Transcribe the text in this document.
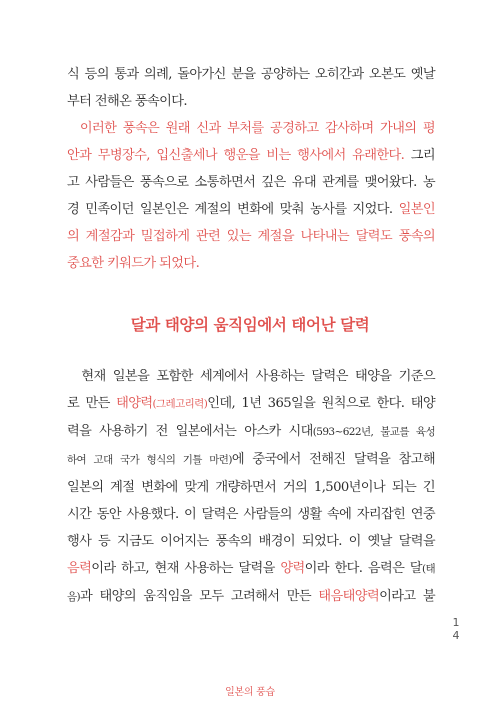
식 등의 통과 의례, 돌아가신 분을 공양하는 오히간과 오본도 옛날
부터 전해온 풍속이다.

이러한 풍속은 원래 신과 부처를 공경하고 감사하며 가내의 평
안과 무병장수, 입신출세나 행운을 비는 행사에서 유래한다. 그리
고 사람들은 풍속으로 소통하면서 깊은 유대 관계를 맺어왔다. 농
경 민족이던 일본인은 계절의 변화에 맞춰 농사를 지었다. 일본인
의 계절감과 밀접하게 관련 있는 계절을 나타내는 달력도 풍속의
중요한 키워드가 되었다.

달과 태양의 움직임에서 태어난 달력

현재 일본을 포함한 세계에서 사용하는 달력은 태양을 기준으
로 만든 태양력(그레고리력)인데, 1년 365일을 원칙으로 한다. 태양
력을 사용하기 전 일본에서는 아스카 시대(593~622년, 불교를 육성
하여 고대 국가 형식의 기틀 마련)에 중국에서 전해진 달력을 참고해
일본의 계절 변화에 맞게 개량하면서 거의 1,500년이나 되는 긴
시간 동안 사용했다. 이 달력은 사람들의 생활 속에 자리잡힌 연중
행사 등 지금도 이어지는 풍속의 배경이 되었다. 이 옛날 달력을
음력이라 하고, 현재 사용하는 달력을 양력이라 한다. 음력은 달(태
음)과 태양의 움직임을 모두 고려해서 만든 태음태양력이라고 불

1
4
일본의 풍습
